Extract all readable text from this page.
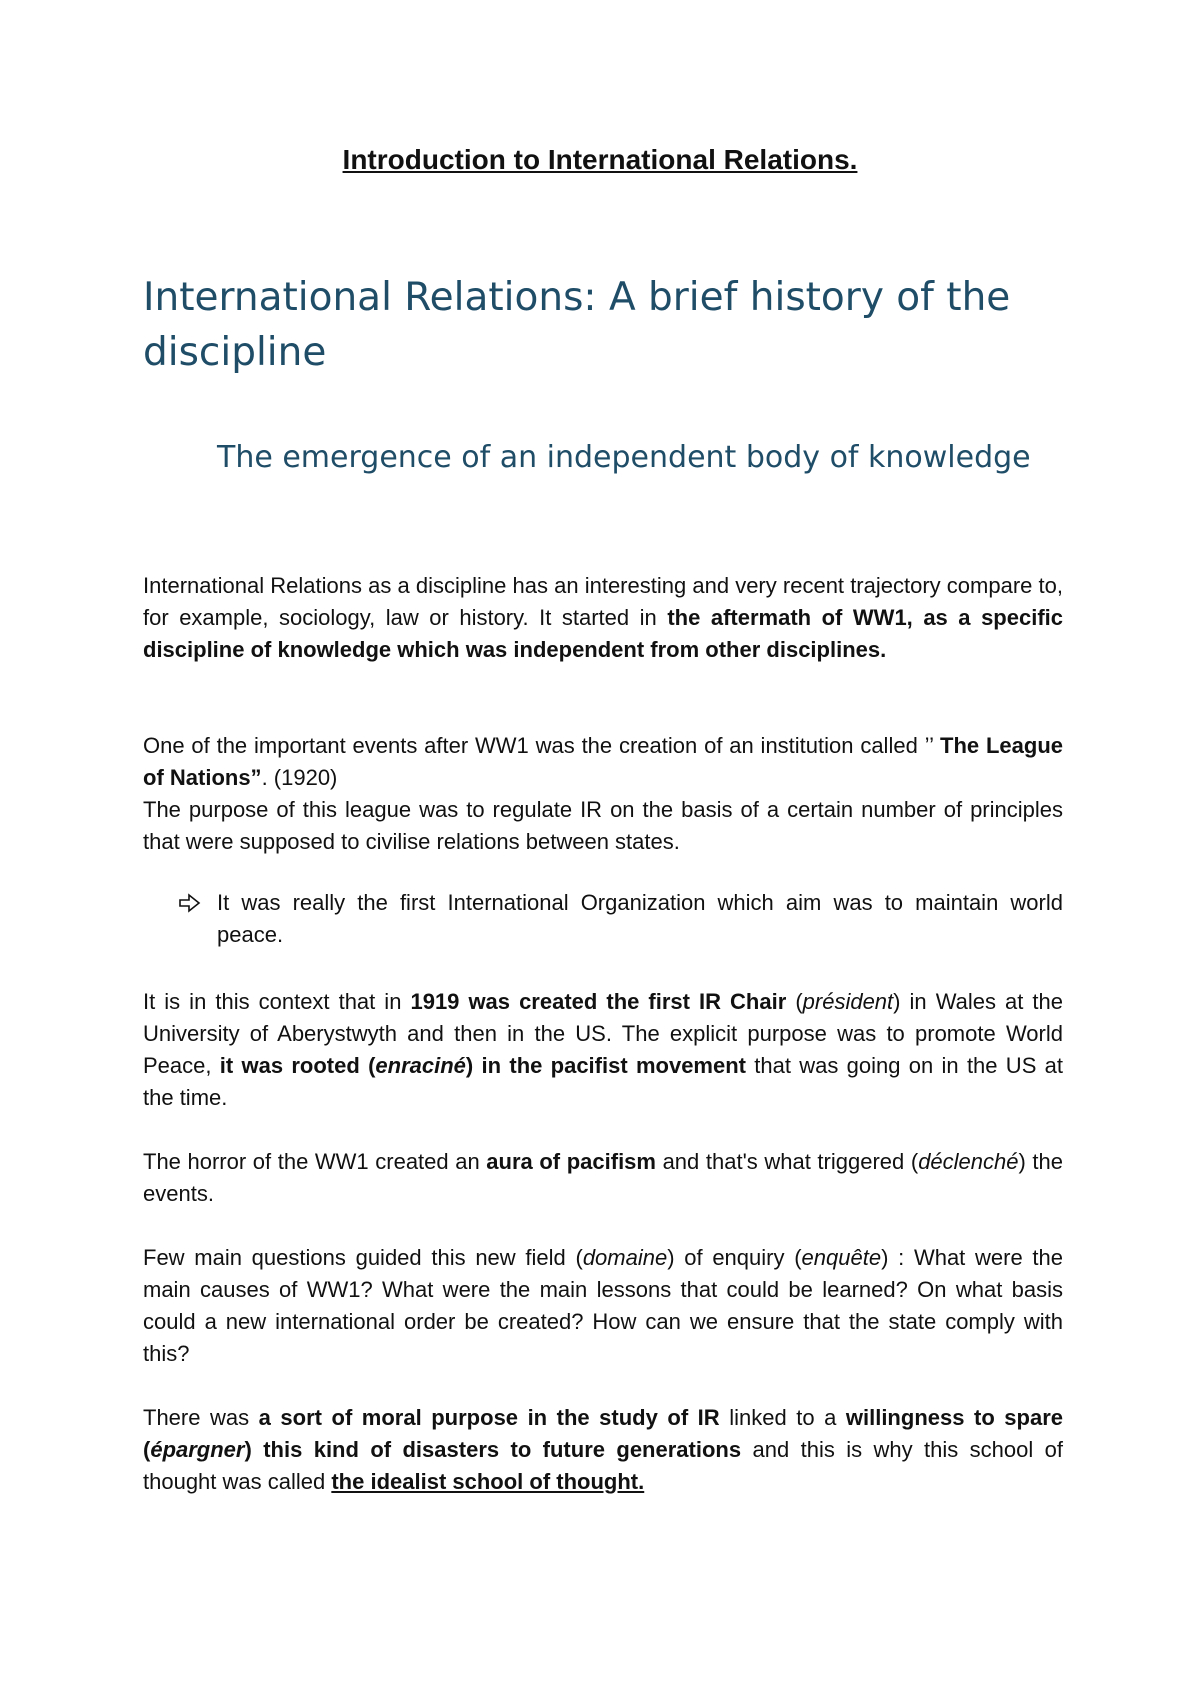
Introduction to International Relations.
International Relations: A brief history of the discipline
The emergence of an independent body of knowledge

International Relations as a discipline has an interesting and very recent trajectory compare to, for example, sociology, law or history. It started in the aftermath of WW1, as a specific discipline of knowledge which was independent from other disciplines.

One of the important events after WW1 was the creation of an institution called ’’ The League of Nations”. (1920)

The purpose of this league was to regulate IR on the basis of a certain number of principles that were supposed to civilise relations between states.

It was really the first International Organization which aim was to maintain world peace.

It is in this context that in 1919 was created the first IR Chair (président) in Wales at the University of Aberystwyth and then in the US. The explicit purpose was to promote World Peace, it was rooted (enraciné) in the pacifist movement that was going on in the US at the time.

The horror of the WW1 created an aura of pacifism and that's what triggered (déclenché) the events.

Few main questions guided this new field (domaine) of enquiry (enquête) : What were the main causes of WW1? What were the main lessons that could be learned? On what basis could a new international order be created? How can we ensure that the state comply with this?

There was a sort of moral purpose in the study of IR linked to a willingness to spare (épargner) this kind of disasters to future generations and this is why this school of thought was called the idealist school of thought.
